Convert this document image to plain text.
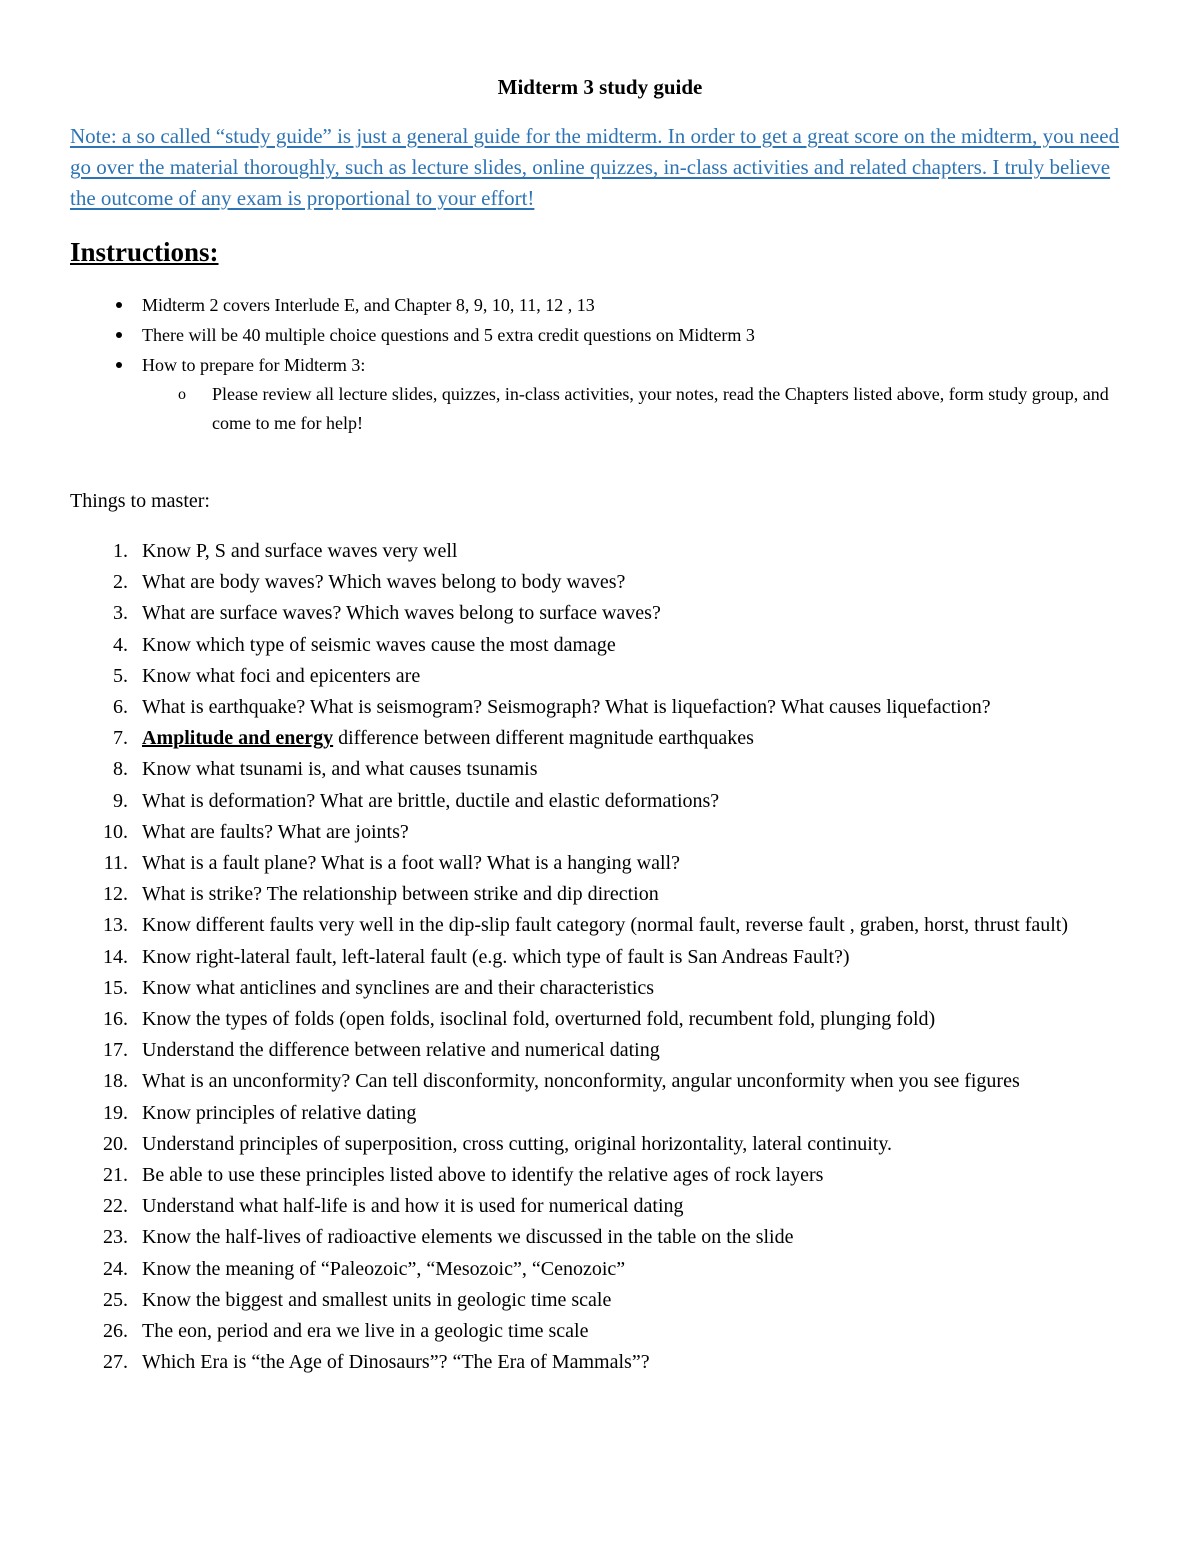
Midterm 3 study guide
Note: a so called “study guide” is just a general guide for the midterm. In order to get a great score on the midterm, you need go over the material thoroughly, such as lecture slides, online quizzes, in-class activities and related chapters. I truly believe the outcome of any exam is proportional to your effort!
Instructions:
Midterm 2 covers Interlude E, and Chapter 8, 9, 10, 11, 12 , 13
There will be 40 multiple choice questions and 5 extra credit questions on Midterm 3
How to prepare for Midterm 3:
o Please review all lecture slides, quizzes, in-class activities, your notes, read the Chapters listed above, form study group, and come to me for help!
Things to master:
1. Know P, S and surface waves very well
2. What are body waves? Which waves belong to body waves?
3. What are surface waves? Which waves belong to surface waves?
4. Know which type of seismic waves cause the most damage
5. Know what foci and epicenters are
6. What is earthquake? What is seismogram? Seismograph? What is liquefaction? What causes liquefaction?
7. Amplitude and energy difference between different magnitude earthquakes
8. Know what tsunami is, and what causes tsunamis
9. What is deformation? What are brittle, ductile and elastic deformations?
10. What are faults? What are joints?
11. What is a fault plane? What is a foot wall? What is a hanging wall?
12. What is strike? The relationship between strike and dip direction
13. Know different faults very well in the dip-slip fault category (normal fault, reverse fault , graben, horst, thrust fault)
14. Know right-lateral fault, left-lateral fault (e.g. which type of fault is San Andreas Fault?)
15. Know what anticlines and synclines are and their characteristics
16. Know the types of folds (open folds, isoclinal fold, overturned fold, recumbent fold, plunging fold)
17. Understand the difference between relative and numerical dating
18. What is an unconformity? Can tell disconformity, nonconformity, angular unconformity when you see figures
19. Know principles of relative dating
20. Understand principles of superposition, cross cutting, original horizontality, lateral continuity.
21. Be able to use these principles listed above to identify the relative ages of rock layers
22. Understand what half-life is and how it is used for numerical dating
23. Know the half-lives of radioactive elements we discussed in the table on the slide
24. Know the meaning of “Paleozoic”, “Mesozoic”, “Cenozoic”
25. Know the biggest and smallest units in geologic time scale
26. The eon, period and era we live in a geologic time scale
27. Which Era is “the Age of Dinosaurs”? “The Era of Mammals”?
